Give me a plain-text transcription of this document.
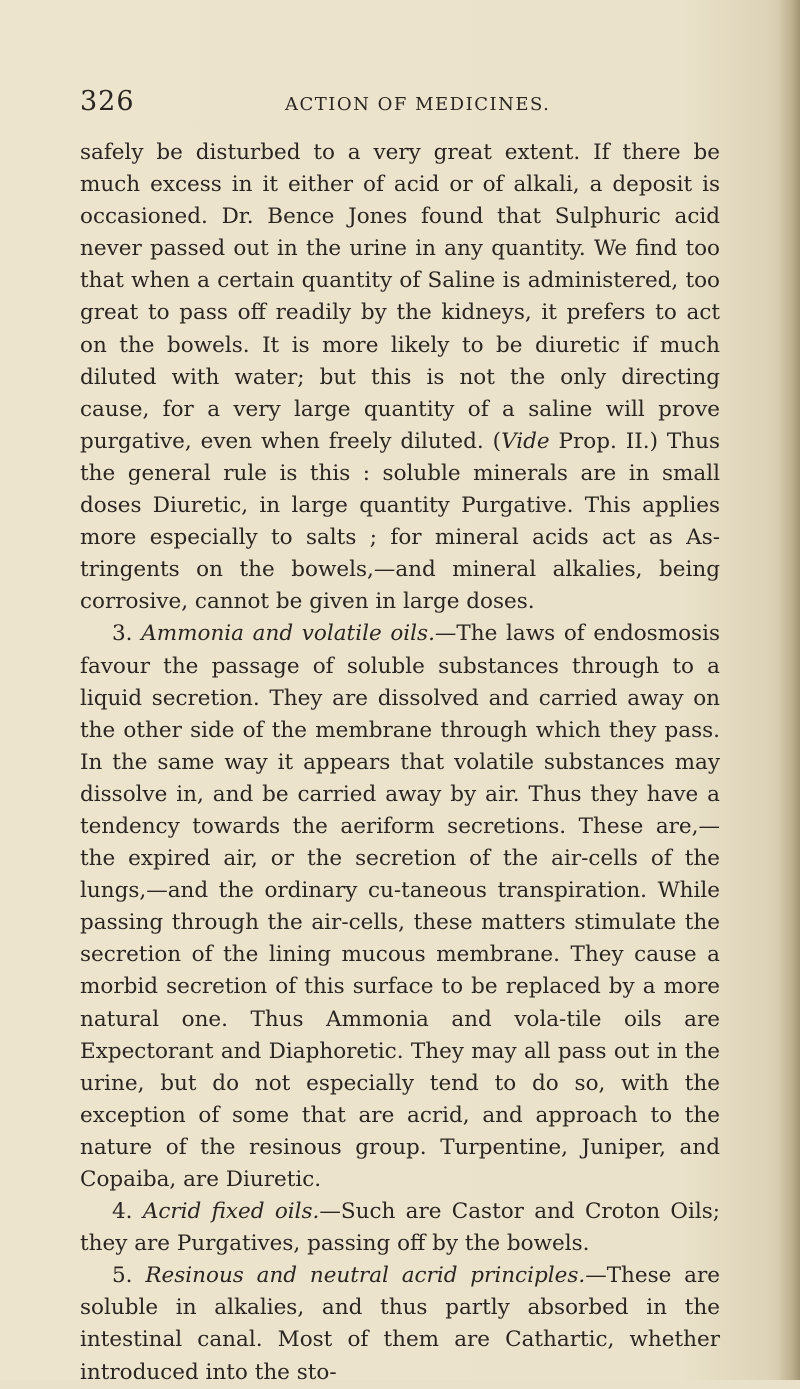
326	ACTION OF MEDICINES.

safely be disturbed to a very great extent. If there be much excess in it either of acid or of alkali, a deposit is occasioned. Dr. Bence Jones found that Sulphuric acid never passed out in the urine in any quantity. We find too that when a certain quantity of Saline is administered, too great to pass off readily by the kidneys, it prefers to act on the bowels. It is more likely to be diuretic if much diluted with water; but this is not the only directing cause, for a very large quantity of a saline will prove purgative, even when freely diluted. (Vide Prop. II.) Thus the general rule is this : soluble minerals are in small doses Diuretic, in large quantity Purgative. This applies more especially to salts ; for mineral acids act as As-tringents on the bowels,—and mineral alkalies, being corrosive, cannot be given in large doses.

3. Ammonia and volatile oils.—The laws of endosmosis favour the passage of soluble substances through to a liquid secretion. They are dissolved and carried away on the other side of the membrane through which they pass. In the same way it appears that volatile substances may dissolve in, and be carried away by air. Thus they have a tendency towards the aeriform secretions. These are,—the expired air, or the secretion of the air-cells of the lungs,—and the ordinary cu-taneous transpiration. While passing through the air-cells, these matters stimulate the secretion of the lining mucous membrane. They cause a morbid secretion of this surface to be replaced by a more natural one. Thus Ammonia and vola-tile oils are Expectorant and Diaphoretic. They may all pass out in the urine, but do not especially tend to do so, with the exception of some that are acrid, and approach to the nature of the resinous group. Turpentine, Juniper, and Copaiba, are Diuretic.

4. Acrid fixed oils.—Such are Castor and Croton Oils; they are Purgatives, passing off by the bowels.

5. Resinous and neutral acrid principles.—These are soluble in alkalies, and thus partly absorbed in the intestinal canal. Most of them are Cathartic, whether introduced into the sto-
